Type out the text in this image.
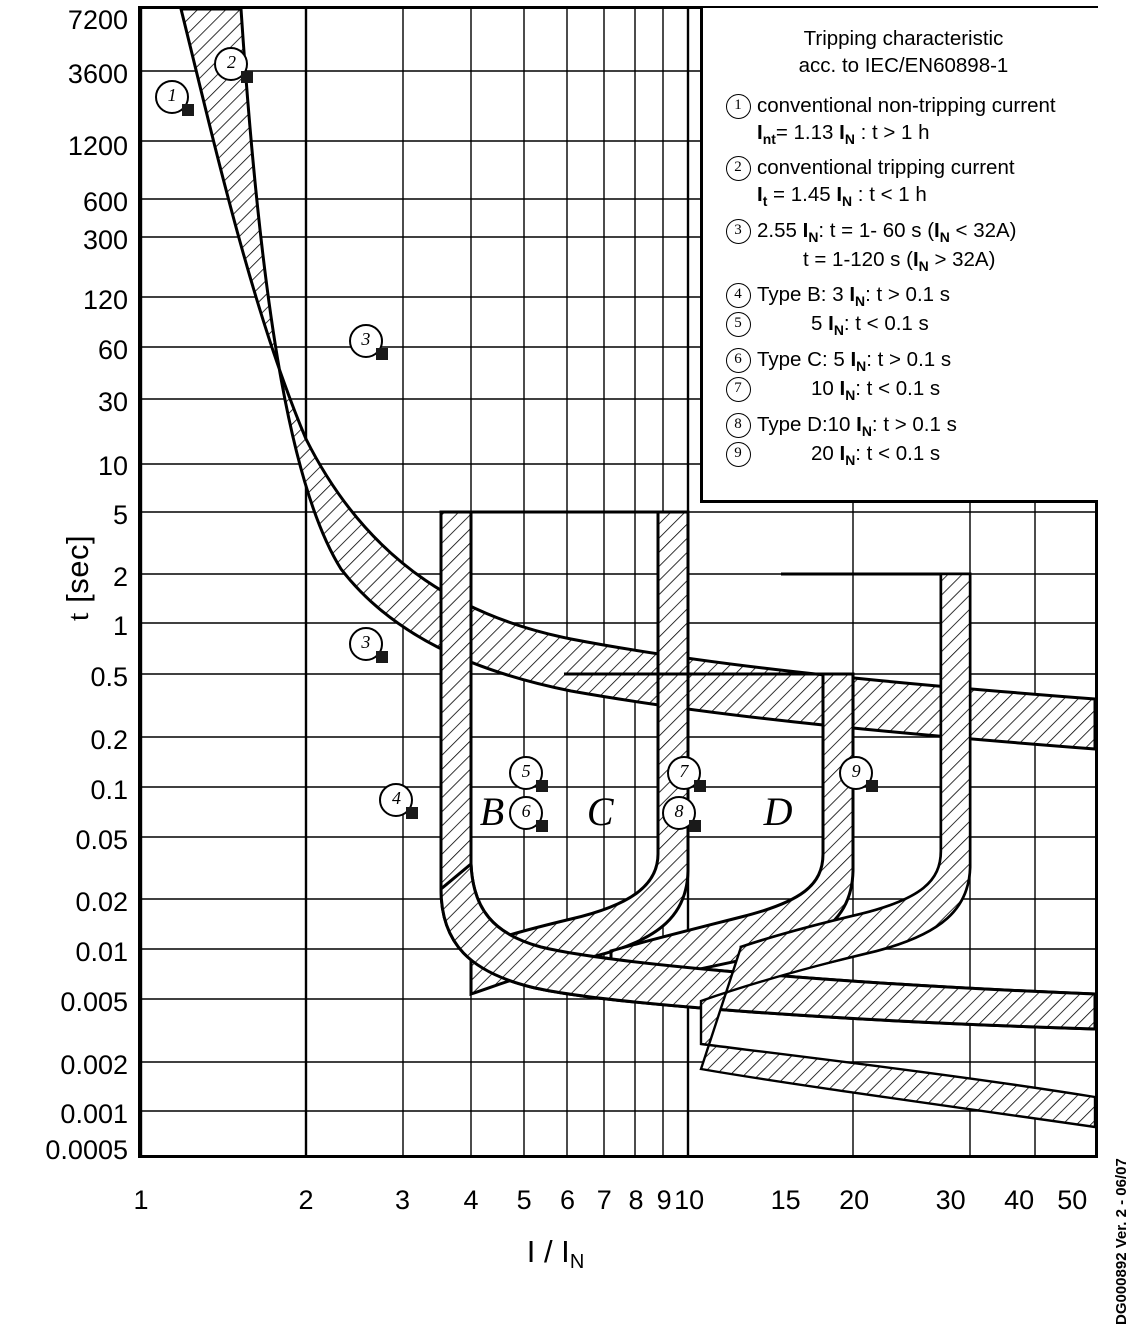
t [sec]
7200
3600
1200
600
300
120
60
30
10
5
2
1
0.5
0.2
0.1
0.05
0.02
0.01
0.005
0.002
0.001
0.0005
1	2	3	4	5	6 7 8 9 10	15	20	30	40 50
I / $I_N$
1
2
3
3
4
5
6
7
8
9
B C	D
Tripping characteristic
acc. to IEC/EN60898-1
1 conventional non-tripping current
$I_{nt}= 1.13$ $I_N$ : t > 1 h
2 conventional tripping current
$I_t = 1.45$ $I_N$ : t < 1 h
3 2.55 $I_N$: t = 1- 60 s $(I_N < 32A)$
t = 1-120 s $(I_N > 32A)$
4 Type B: 3 $I_N$: t > 0.1 s
5	5 $I_N$: t < 0.1 s
6 Type C: 5 $I_N$: t > 0.1 s
7	10 $I_N$: t < 0.1 s
8 Type D:10 $I_N$: t > 0.1 s
9	20 $I_N$: t < 0.1 s
DG000892 Ver. 2 - 06/07
